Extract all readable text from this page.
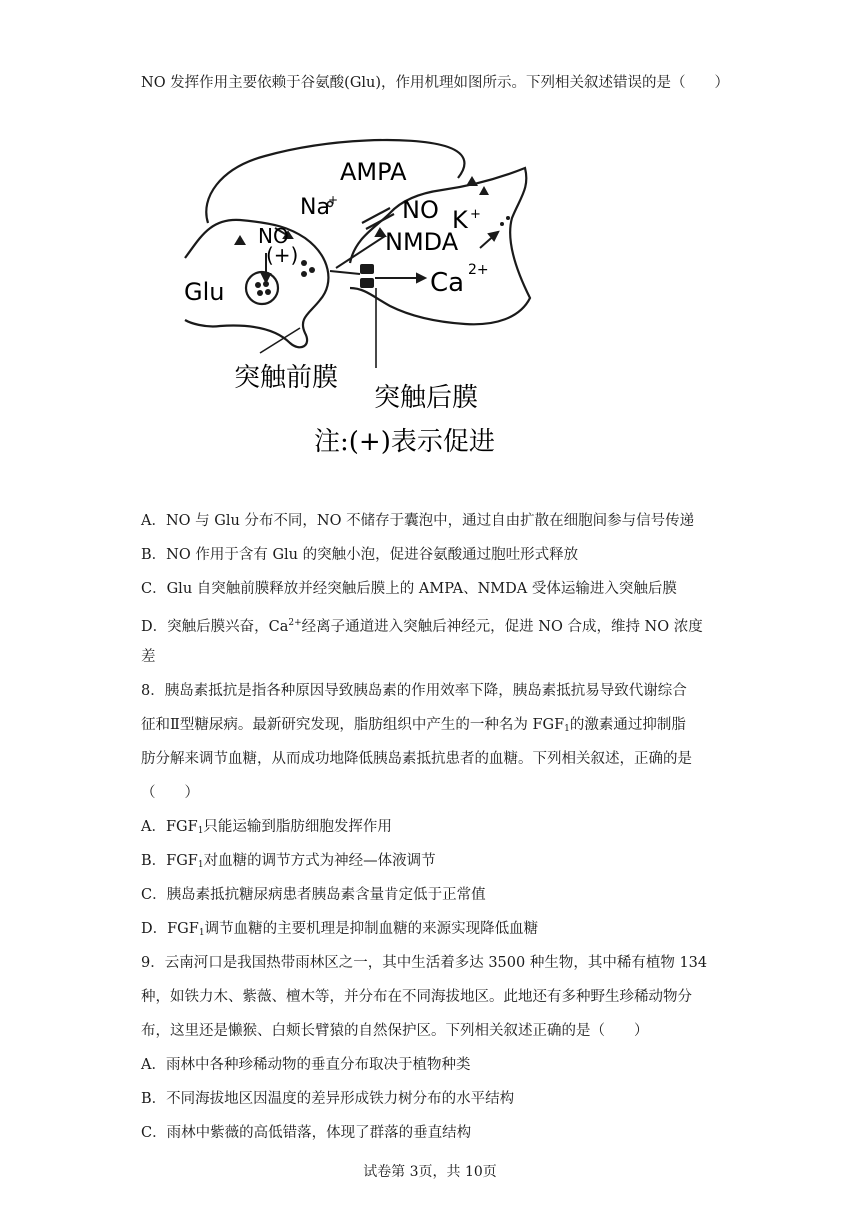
NO 发挥作用主要依赖于谷氨酸(Glu)，作用机理如图所示。下列相关叙述错误的是（　　）
AMPA
Na
+	NO K +
NMDA
NO
(+)
Glu	Ca 2+
突触前膜
突触后膜
注:(+)表示促进
A．NO 与 Glu 分布不同，NO 不储存于囊泡中，通过自由扩散在细胞间参与信号传递
B．NO 作用于含有 Glu 的突触小泡，促进谷氨酸通过胞吐形式释放
C．Glu 自突触前膜释放并经突触后膜上的 AMPA、NMDA 受体运输进入突触后膜
D．突触后膜兴奋，$Ca^{2+}$经离子通道进入突触后神经元，促进 NO 合成，维持 NO 浓度
差
8．胰岛素抵抗是指各种原因导致胰岛素的作用效率下降，胰岛素抵抗易导致代谢综合
征和Ⅱ型糖尿病。最新研究发现，脂肪组织中产生的一种名为 $FGF_1$的激素通过抑制脂
肪分解来调节血糖，从而成功地降低胰岛素抵抗患者的血糖。下列相关叙述，正确的是
（　　）
A．$FGF_1$只能运输到脂肪细胞发挥作用
B．$FGF_1$对血糖的调节方式为神经—体液调节
C．胰岛素抵抗糖尿病患者胰岛素含量肯定低于正常值
D．$FGF_1$调节血糖的主要机理是抑制血糖的来源实现降低血糖
9．云南河口是我国热带雨林区之一，其中生活着多达 3500 种生物，其中稀有植物 134
种，如铁力木、紫薇、檀木等，并分布在不同海拔地区。此地还有多种野生珍稀动物分
布，这里还是懒猴、白颊长臂猿的自然保护区。下列相关叙述正确的是（　　）
A．雨林中各种珍稀动物的垂直分布取决于植物种类
B．不同海拔地区因温度的差异形成铁力树分布的水平结构
C．雨林中紫薇的高低错落，体现了群落的垂直结构
试卷第 3页，共 10页
